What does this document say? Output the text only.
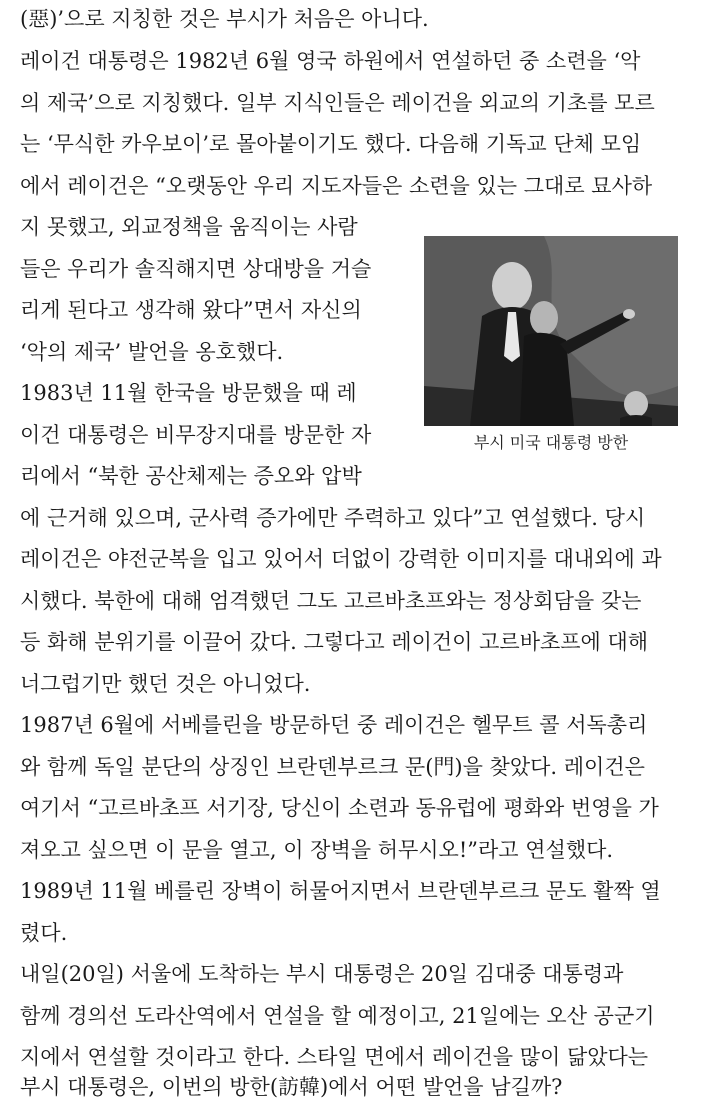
(惡)’으로 지칭한 것은 부시가 처음은 아니다.
레이건 대통령은 1982년 6월 영국 하원에서 연설하던 중 소련을 ‘악
의 제국’으로 지칭했다. 일부 지식인들은 레이건을 외교의 기초를 모르
는 ‘무식한 카우보이’로 몰아붙이기도 했다. 다음해 기독교 단체 모임
에서 레이건은 “오랫동안 우리 지도자들은 소련을 있는 그대로 묘사하
지 못했고, 외교정책을 움직이는 사람
들은 우리가 솔직해지면 상대방을 거슬
리게 된다고 생각해 왔다”면서 자신의
‘악의 제국’ 발언을 옹호했다.
1983년 11월 한국을 방문했을 때 레
이건 대통령은 비무장지대를 방문한 자
리에서 “북한 공산체제는 증오와 압박
에 근거해 있으며, 군사력 증가에만 주력하고 있다”고 연설했다. 당시
레이건은 야전군복을 입고 있어서 더없이 강력한 이미지를 대내외에 과
시했다. 북한에 대해 엄격했던 그도 고르바초프와는 정상회담을 갖는
등 화해 분위기를 이끌어 갔다. 그렇다고 레이건이 고르바초프에 대해
너그럽기만 했던 것은 아니었다.
1987년 6월에 서베를린을 방문하던 중 레이건은 헬무트 콜 서독총리
와 함께 독일 분단의 상징인 브란덴부르크 문(門)을 찾았다. 레이건은
여기서 “고르바초프 서기장, 당신이 소련과 동유럽에 평화와 번영을 가
져오고 싶으면 이 문을 열고, 이 장벽을 허무시오!”라고 연설했다.
1989년 11월 베를린 장벽이 허물어지면서 브란덴부르크 문도 활짝 열
렸다.
내일(20일) 서울에 도착하는 부시 대통령은 20일 김대중 대통령과
함께 경의선 도라산역에서 연설을 할 예정이고, 21일에는 오산 공군기
지에서 연설할 것이라고 한다. 스타일 면에서 레이건을 많이 닮았다는
부시 대통령은, 이번의 방한(訪韓)에서 어떤 발언을 남길까?
부시 미국 대통령 방한
